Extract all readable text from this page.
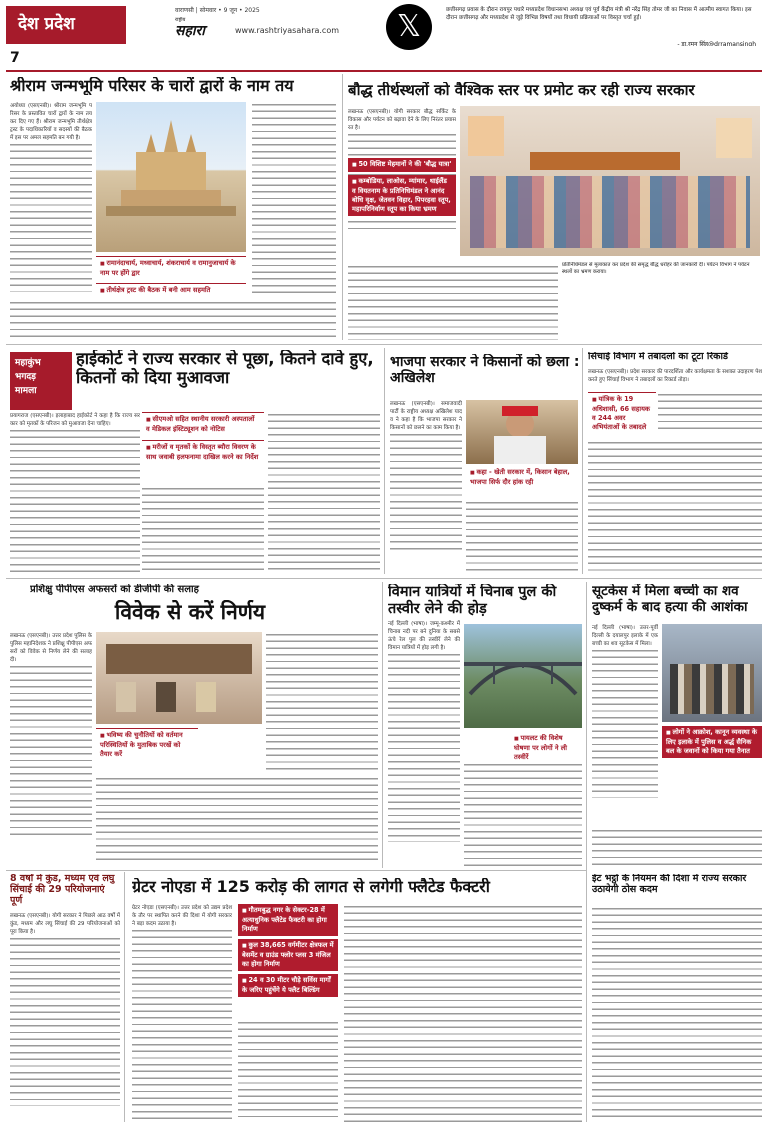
देश प्रदेश
7
वाराणसी | सोमवार • 9 जून • 2025
राष्ट्रीय
सहारा	www.rashtriyasahara.com	𝕏	छत्तीसगढ़ प्रवास के दौरान रायपुर पधारे मध्यप्रदेश विधानसभा अध्यक्ष एवं पूर्व केंद्रीय मंत्री श्री नरेंद्र सिंह तोमर जी का निवास में आत्मीय स्वागत किया। इस दौरान छत्तीसगढ़ और मध्यप्रदेश से जुड़े विभिन्न विषयों तथा विधायी प्रक्रियाओं पर विस्तृत चर्चा हुई।
- डा.रमन सिंह@drramansingh
श्रीराम जन्मभूमि परिसर के चारों द्वारों के नाम तय
अयोध्या (एसएनबी)। श्रीराम जन्मभूमि परिसर के प्रस्तावित चारों द्वारों के नाम तय कर दिए गए हैं। श्रीराम जन्मभूमि तीर्थक्षेत्र ट्रस्ट के पदाधिकारियों व सदस्यों की बैठक में इस पर अमल सहमति बन गयी है।
■ रामानंदाचार्य, मध्वाचार्य, शंकराचार्य व रामानुजाचार्य के नाम पर होंगे द्वार
■ तीर्थक्षेत्र ट्रस्ट की बैठक में बनी आम सहमति
बौद्ध तीर्थस्थलों को वैश्विक स्तर पर प्रमोट कर रही राज्य सरकार
लखनऊ (एसएनबी)। योगी सरकार बौद्ध सर्किट के विकास और पर्यटन को बढ़ावा देने के लिए निरंतर प्रयासरत है।
■ 50 विशिष्ट मेहमानों ने की 'बौद्ध यात्रा'
■ कम्बोडिया, लाओस, म्यांमार, थाईलैंड व वियतनाम के प्रतिनिधिमंडल ने आनंद बोधि वृक्ष, जेतवन विहार, पिपरहवा स्तूप, महापरिनिर्वाण स्तूप का किया भ्रमण
प्रतिनिधिमंडल से मुलाकात कर प्रदेश की समृद्ध बौद्ध धरोहर की जानकारी दी। पर्यटन विभाग ने पर्यटन स्थलों का भ्रमण कराया।
महाकुंभ
भगदड़
मामला
हाईकोर्ट ने राज्य सरकार से पूछा, कितने दावे हुए, कितनों को दिया मुआवजा
प्रयागराज (एसएनबी)। इलाहाबाद हाईकोर्ट ने कहा है कि राज्य सरकार को मृतकों के परिजन को मुआवजा देना चाहिए।
■ सीएमओ सहित स्थानीय सरकारी अस्पतालों व मेडिकल इंस्टिट्यूशन को नोटिस
■ मरीजों व मृतकों के विस्तृत ब्यौरा विवरण के साथ जवाबी हलफनामा दाखिल करने का निर्देश
भाजपा सरकार ने किसानों को छला : अखिलेश
लखनऊ (एसएनबी)। समाजवादी पार्टी के राष्ट्रीय अध्यक्ष अखिलेश यादव ने कहा है कि भाजपा सरकार ने किसानों को छलने का काम किया है।
■ कहा - खेती सरकार में, किसान बेहाल, भाजपा सिर्फ दौर हांक रही
सिंचाई विभाग में तबादलों का टूटा रिकार्ड
लखनऊ (एसएनबी)। प्रदेश सरकार की पारदर्शिता और कार्यक्षमता के सशक्त उदाहरण पेश करते हुए सिंचाई विभाग ने तबादलों का रिकार्ड तोड़ा।
■ यांत्रिक के 19 अधिशासी, 66 सहायक व 244 अवर अभियंताओं के तबादले
प्रशिक्षु पीपीएस अफसरों को डीजीपी की सलाह
विवेक से करें निर्णय
लखनऊ (एसएनबी)। उत्तर प्रदेश पुलिस के पुलिस महानिदेशक ने प्रशिक्षु पीपीएस अफसरों को विवेक से निर्णय लेने की सलाह दी।
■ भविष्य की चुनौतियों को वर्तमान परिस्थितियों के मुताबिक परखें को तैयार करें
विमान यात्रियों में चिनाब पुल की तस्वीर लेने की होड़
नई दिल्ली (भाषा)। जम्मू-कश्मीर में चिनाब नदी पर बने दुनिया के सबसे ऊंचे रेल पुल की तस्वीरें लेने की विमान यात्रियों में होड़ लगी है।
■ पायलट की विशेष घोषणा पर लोगों ने ली तस्वीरें
सूटकेस में मिला बच्ची का शव दुष्कर्म के बाद हत्या की आशंका
नई दिल्ली (भाषा)। उत्तर-पूर्वी दिल्ली के दयालपुर इलाके में एक बच्ची का शव सूटकेस में मिला।
■ लोगों ने आक्रोश, कानून व्यवस्था के लिए इलाके में पुलिस व अर्द्ध सैनिक बल के जवानों को किया गया तैनात
8 वर्षों में कुंड, मध्यम एवं लघु सिंचाई की 29 परियोजनाएं पूर्ण
लखनऊ (एसएनबी)। योगी सरकार ने पिछले आठ वर्षों में कुंड, मध्यम और लघु सिंचाई की 29 परियोजनाओं को पूरा किया है।
ग्रेटर नोएडा में 125 करोड़ की लागत से लगेगी फ्लैटेड फैक्टरी
ग्रेटर नोएडा (एसएनबी)। उत्तर प्रदेश को उद्यम प्रदेश के तौर पर स्थापित करने की दिशा में योगी सरकार ने बड़ा कदम उठाया है।
■ गौतमबुद्ध नगर के सेक्टर-28 में अत्याधुनिक फ्लैटेड फैक्टरी का होगा निर्माण
■ कुल 38,665 वर्गमीटर क्षेत्रफल में बेसमेंट व ग्राउंड फ्लोर प्लस 3 मंजिल का होगा निर्माण
■ 24 व 30 मीटर चौड़े सर्विस मार्गों के जरिए पहुंचेंगे ये फ्लैट बिल्डिंग
ईट भट्ठों के नियमन की दिशा में राज्य सरकार उठायेगी ठोस कदम
